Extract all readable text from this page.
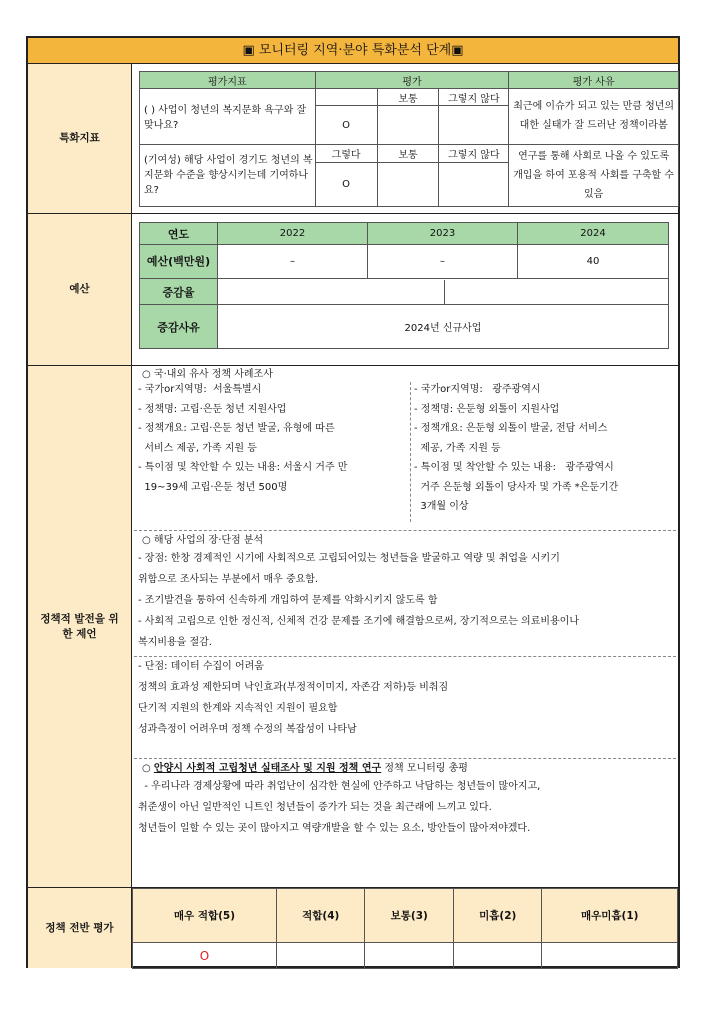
▣ 모니터링 지역·분야 특화분석 단계▣
특화지표
평가지표	평가			평가 사유
( ) 사업이 청년의 복지문화 욕구와 잘 맞나요?		보통	그렇지 않다	최근에 이슈가 되고 있는 만큼 청년의 대한 실태가 잘 드러난 정책이라봄
	O			

(기여성) 해당 사업이 경기도 청년의 복지문화 수준을 향상시키는데 기여하나요?	그렇다	보통	그렇지 않다	연구를 통해 사회로 나올 수 있도록 개입을 하여 포용적 사회를 구축할 수 있음
	O			
예산
연도	2022	2023	2024
예산(백만원)	–	–	40
증감율			

증감사유	2024년 신규사업		
정책적 발전을 위한 제언
○ 국·내외 유사 정책 사례조사
- 국가or지역명:  서울특별시
- 정책명: 고립·은둔 청년 지원사업
- 정책개요: 고립·은둔 청년 발굴, 유형에 따른
서비스 제공, 가족 지원 등
- 특이점 및 착안할 수 있는 내용: 서울시 거주 만
19~39세 고립·은둔 청년 500명
- 국가or지역명:   광주광역시
- 정책명: 은둔형 외톨이 지원사업
- 정책개요: 은둔형 외톨이 발굴, 전담 서비스
제공, 가족 지원 등
- 특이점 및 착안할 수 있는 내용:   광주광역시
거주 은둔형 외톨이 당사자 및 가족 *은둔기간
3개월 이상
○ 해당 사업의 장·단점 분석
- 장점: 한창 경제적인 시기에 사회적으로 고립되어있는 청년들을 발굴하고 역량 및 취업을 시키기
위함으로 조사되는 부분에서 매우 중요함.
- 조기발견을 통하여 신속하게 개입하여 문제를 악화시키지 않도록 함
- 사회적 고립으로 인한 정신적, 신체적 건강 문제를 조기에 해결함으로써, 장기적으로는 의료비용이나
복지비용을 절감.
- 단점: 데이터 수집이 어려움
정책의 효과성 제한되며 낙인효과(부정적이미지, 자존감 저하)등 비춰짐
단기적 지원의 한계와 지속적인 지원이 필요함
성과측정이 어려우며 정책 수정의 복잡성이 나타남
○ 안양시 사회적 고립청년 실태조사 및 지원 정책 연구 정책 모니터링 총평
- 우리나라 경제상황에 따라 취업난이 심각한 현실에 안주하고 낙담하는 청년들이 많아지고,
취준생이 아닌 일반적인 니트인 청년들이 증가가 되는 것을 최근래에 느끼고 있다.
청년들이 일할 수 있는 곳이 많아지고 역량개발을 할 수 있는 요소, 방안들이 많아져야겠다.
정책 전반 평가
매우 적합(5)	적합(4)	보통(3)	미흡(2)	매우미흡(1)
O				
